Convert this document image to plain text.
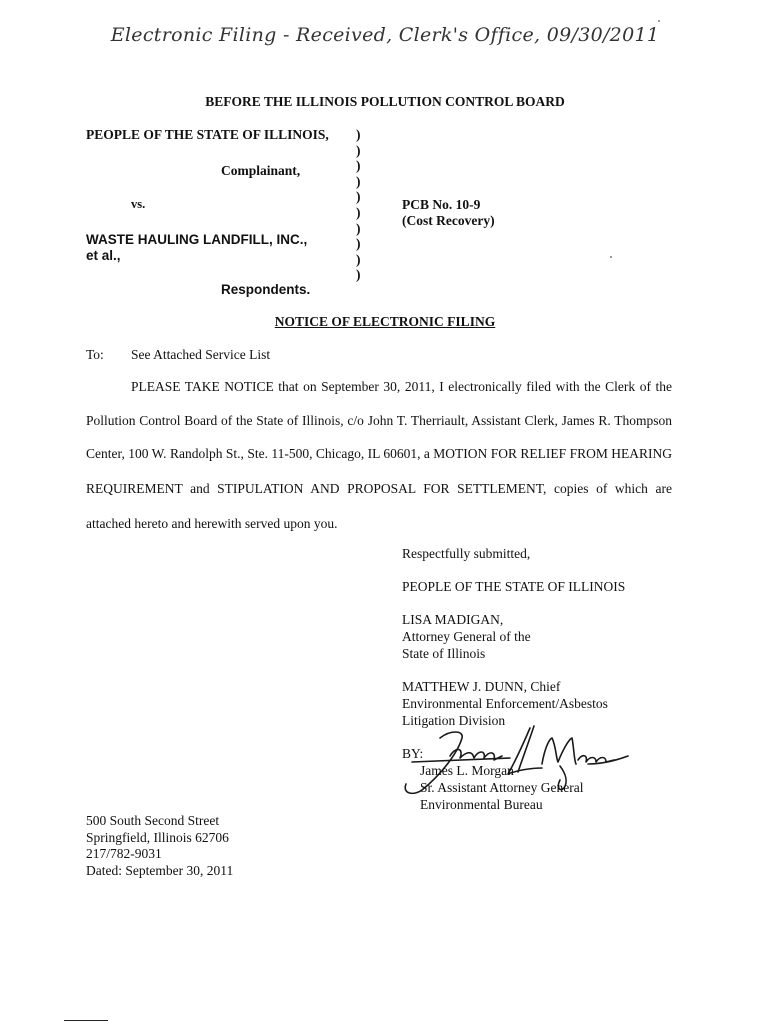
Electronic Filing - Received, Clerk's Office, 09/30/2011
BEFORE THE ILLINOIS POLLUTION CONTROL BOARD
PEOPLE OF THE STATE OF ILLINOIS,
Complainant,
vs.
WASTE HAULING LANDFILL, INC.,
et al.,
Respondents.
)
)
)
)
)
)
)
)
)
)
PCB No. 10-9
(Cost Recovery)
NOTICE OF ELECTRONIC FILING
To: See Attached Service List
PLEASE TAKE NOTICE that on September 30, 2011, I electronically filed with the Clerk of the
Pollution Control Board of the State of Illinois, c/o John T. Therriault, Assistant Clerk, James R. Thompson
Center, 100 W. Randolph St., Ste. 11-500, Chicago, IL 60601, a MOTION FOR RELIEF FROM HEARING
REQUIREMENT and STIPULATION AND PROPOSAL FOR SETTLEMENT, copies of which are
attached hereto and herewith served upon you.
Respectfully submitted,
PEOPLE OF THE STATE OF ILLINOIS
LISA MADIGAN,
Attorney General of the
State of Illinois
MATTHEW J. DUNN, Chief
Environmental Enforcement/Asbestos
Litigation Division
BY:
James L. Morgan
Sr. Assistant Attorney General
Environmental Bureau
500 South Second Street
Springfield, Illinois 62706
217/782-9031
Dated: September 30, 2011
